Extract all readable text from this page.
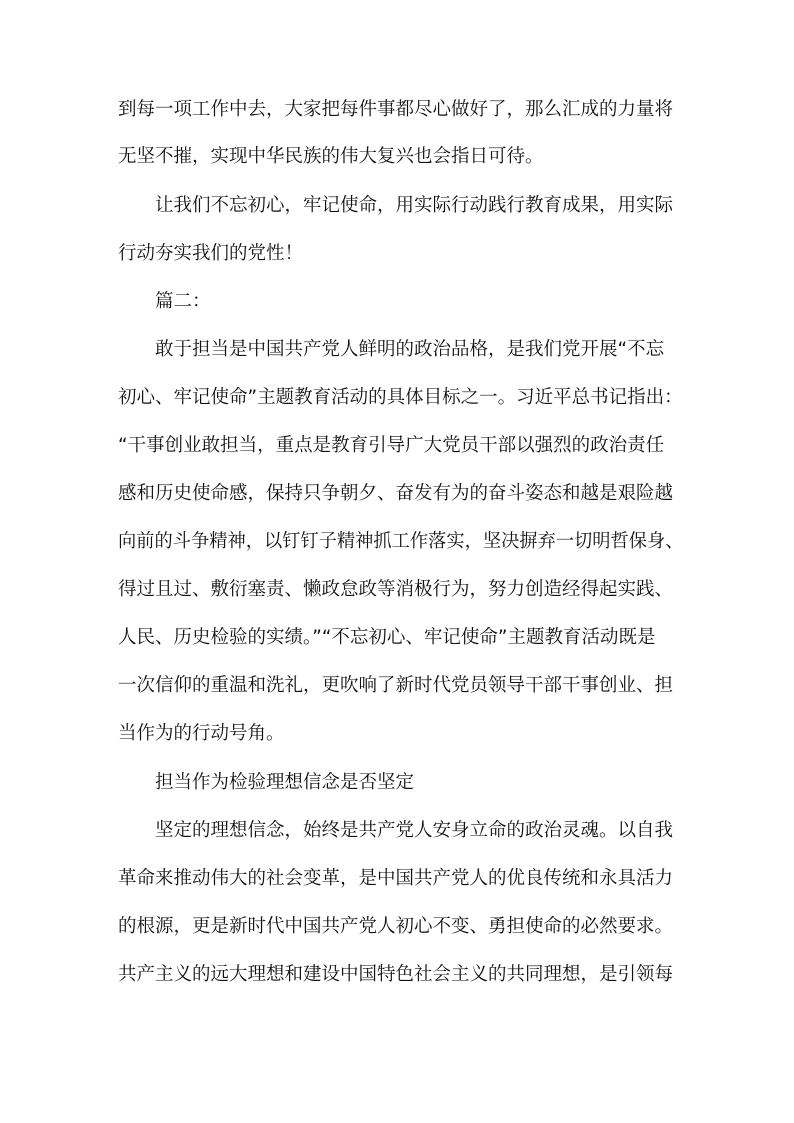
到每一项工作中去，大家把每件事都尽心做好了，那么汇成的力量将
无坚不摧，实现中华民族的伟大复兴也会指日可待。
让我们不忘初心，牢记使命，用实际行动践行教育成果，用实际
行动夯实我们的党性！
篇二：
敢于担当是中国共产党人鲜明的政治品格，是我们党开展“不忘
初心、牢记使命”主题教育活动的具体目标之一。习近平总书记指出：
“干事创业敢担当，重点是教育引导广大党员干部以强烈的政治责任
感和历史使命感，保持只争朝夕、奋发有为的奋斗姿态和越是艰险越
向前的斗争精神，以钉钉子精神抓工作落实，坚决摒弃一切明哲保身、
得过且过、敷衍塞责、懒政怠政等消极行为，努力创造经得起实践、
人民、历史检验的实绩。”“不忘初心、牢记使命”主题教育活动既是
一次信仰的重温和洗礼，更吹响了新时代党员领导干部干事创业、担
当作为的行动号角。
担当作为检验理想信念是否坚定
坚定的理想信念，始终是共产党人安身立命的政治灵魂。以自我
革命来推动伟大的社会变革，是中国共产党人的优良传统和永具活力
的根源，更是新时代中国共产党人初心不变、勇担使命的必然要求。
共产主义的远大理想和建设中国特色社会主义的共同理想，是引领每
